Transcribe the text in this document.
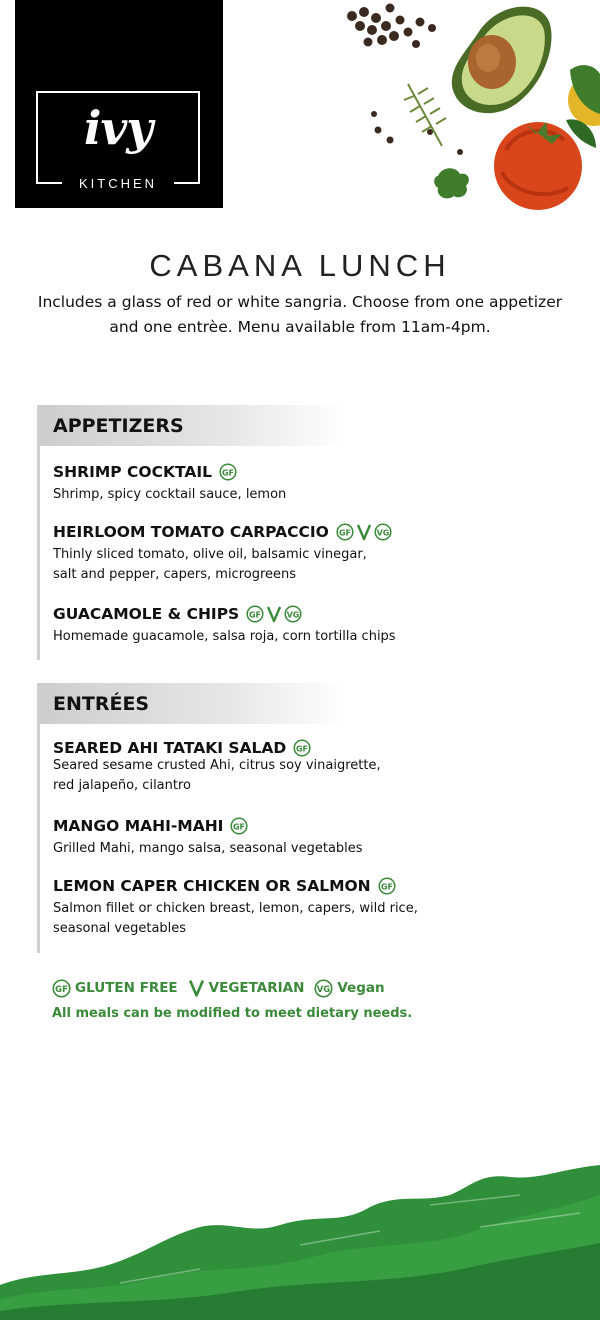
ivy
KITCHEN
CABANA LUNCH
Includes a glass of red or white sangria. Choose from one appetizer and one entrèe. Menu available from 11am-4pm.
APPETIZERS
SHRIMP COCKTAIL GF
Shrimp, spicy cocktail sauce, lemon
HEIRLOOM TOMATO CARPACCIO GF	VG
Thinly sliced tomato, olive oil, balsamic vinegar,
salt and pepper, capers, microgreens
GUACAMOLE & CHIPS GF	VG
Homemade guacamole, salsa roja, corn tortilla chips
ENTRÉES
SEARED AHI TATAKI SALAD GF
Seared sesame crusted Ahi, citrus soy vinaigrette,
red jalapeño, cilantro
MANGO MAHI-MAHI GF
Grilled Mahi, mango salsa, seasonal vegetables
LEMON CAPER CHICKEN OR SALMON GF
Salmon fillet or chicken breast, lemon, capers, wild rice,
seasonal vegetables
GF GLUTEN FREE VEGETARIAN VG Vegan
All meals can be modified to meet dietary needs.
